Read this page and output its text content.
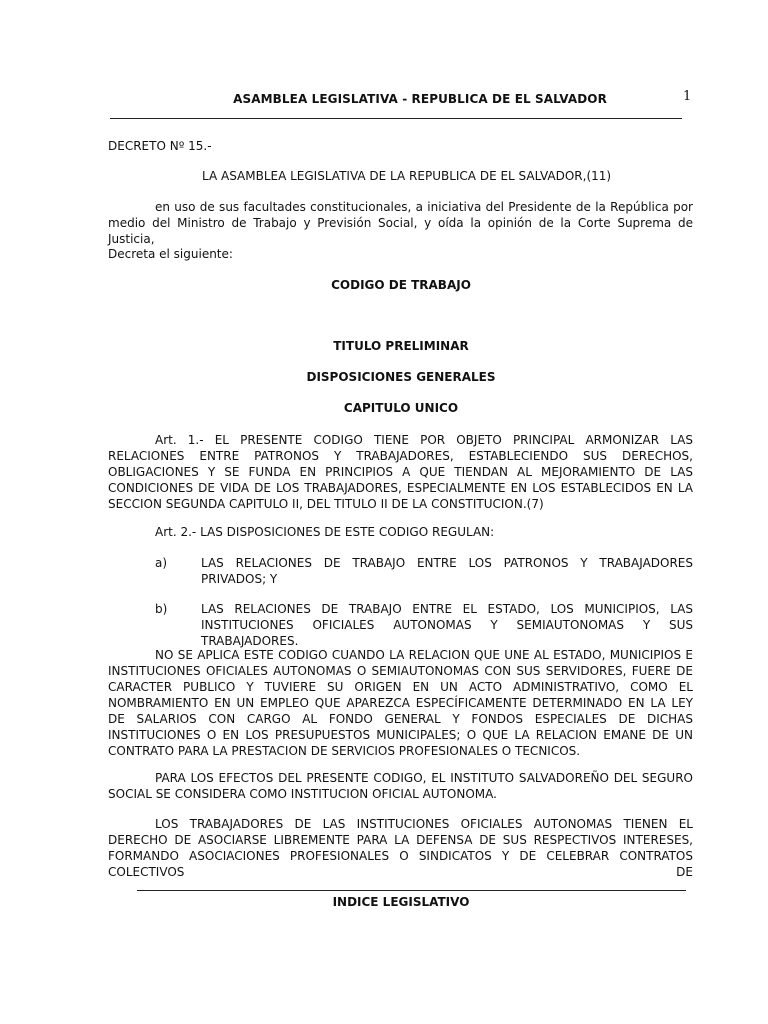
ASAMBLEA LEGISLATIVA - REPUBLICA DE EL SALVADOR	1
DECRETO Nº 15.-
LA ASAMBLEA LEGISLATIVA DE LA REPUBLICA DE EL SALVADOR,(11)
en uso de sus facultades constitucionales, a iniciativa del Presidente de la República por medio del Ministro de Trabajo y Previsión Social, y oída la opinión de la Corte Suprema de Justicia,
Decreta el siguiente:
CODIGO DE TRABAJO
TITULO PRELIMINAR
DISPOSICIONES GENERALES
CAPITULO UNICO
Art. 1.- EL PRESENTE CODIGO TIENE POR OBJETO PRINCIPAL ARMONIZAR LAS RELACIONES ENTRE PATRONOS Y TRABAJADORES, ESTABLECIENDO SUS DERECHOS, OBLIGACIONES Y SE FUNDA EN PRINCIPIOS A QUE TIENDAN AL MEJORAMIENTO DE LAS CONDICIONES DE VIDA DE LOS TRABAJADORES, ESPECIALMENTE EN LOS ESTABLECIDOS EN LA SECCION SEGUNDA CAPITULO II, DEL TITULO II DE LA CONSTITUCION.(7)
Art. 2.- LAS DISPOSICIONES DE ESTE CODIGO REGULAN:
a)	LAS RELACIONES DE TRABAJO ENTRE LOS PATRONOS Y TRABAJADORES PRIVADOS; Y
b)	LAS RELACIONES DE TRABAJO ENTRE EL ESTADO, LOS MUNICIPIOS, LAS INSTITUCIONES OFICIALES AUTONOMAS Y SEMIAUTONOMAS Y SUS TRABAJADORES.
NO SE APLICA ESTE CODIGO CUANDO LA RELACION QUE UNE AL ESTADO, MUNICIPIOS E INSTITUCIONES OFICIALES AUTONOMAS O SEMIAUTONOMAS CON SUS SERVIDORES, FUERE DE CARACTER PUBLICO Y TUVIERE SU ORIGEN EN UN ACTO ADMINISTRATIVO, COMO EL NOMBRAMIENTO EN UN EMPLEO QUE APAREZCA ESPECÍFICAMENTE DETERMINADO EN LA LEY DE SALARIOS CON CARGO AL FONDO GENERAL Y FONDOS ESPECIALES DE DICHAS INSTITUCIONES O EN LOS PRESUPUESTOS MUNICIPALES; O QUE LA RELACION EMANE DE UN CONTRATO PARA LA PRESTACION DE SERVICIOS PROFESIONALES O TECNICOS.
PARA LOS EFECTOS DEL PRESENTE CODIGO, EL INSTITUTO SALVADOREÑO DEL SEGURO SOCIAL SE CONSIDERA COMO INSTITUCION OFICIAL AUTONOMA.
LOS TRABAJADORES DE LAS INSTITUCIONES OFICIALES AUTONOMAS TIENEN EL DERECHO DE ASOCIARSE LIBREMENTE PARA LA DEFENSA DE SUS RESPECTIVOS INTERESES, FORMANDO ASOCIACIONES PROFESIONALES O SINDICATOS Y DE CELEBRAR CONTRATOS COLECTIVOS DE
INDICE LEGISLATIVO
